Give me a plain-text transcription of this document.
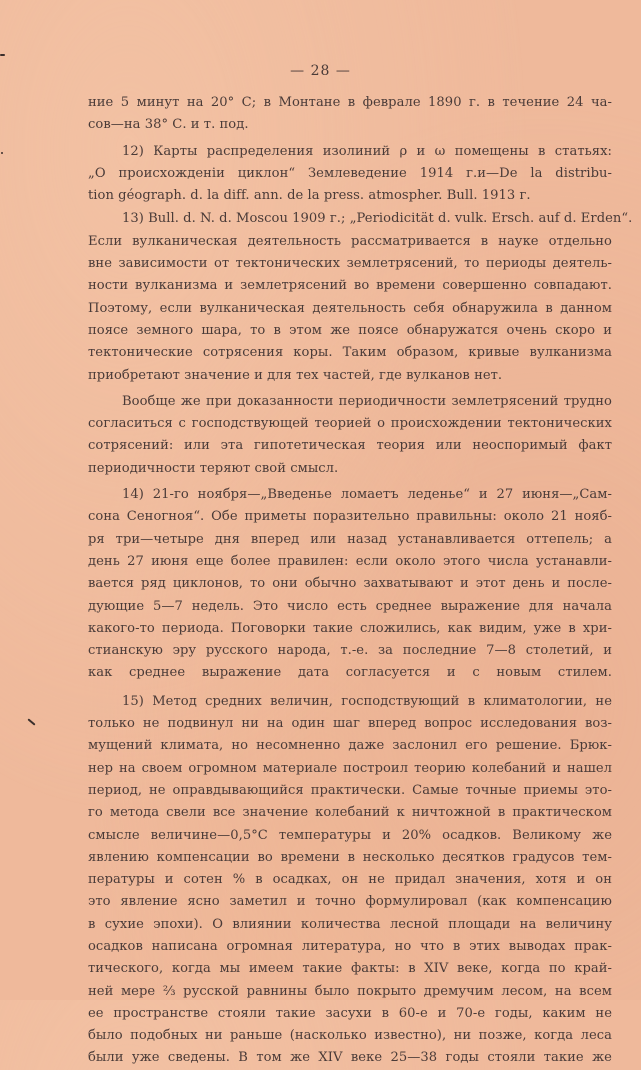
— 28 —
ние 5 минут на 20° С; в Монтане в феврале 1890 г. в течение 24 ча-
сов—на 38° С. и т. под.
12) Карты распределения изолиний ρ и ω помещены в статьях:
„О происхожденіи циклон“ Землеведение 1914 г.и—De la distribu-
tion géograph. d. la diff. ann. de la press. atmospher. Bull. 1913 г.
13) Bull. d. N. d. Moscou 1909 г.; „Periodicität d. vulk. Ersch. auf d. Erden“.
Если вулканическая деятельность рассматривается в науке отдельно
вне зависимости от тектонических землетрясений, то периоды деятель-
ности вулканизма и землетрясений во времени совершенно совпадают.
Поэтому, если вулканическая деятельность себя обнаружила в данном
поясе земного шара, то в этом же поясе обнаружатся очень скоро и
тектонические сотрясения коры. Таким образом, кривые вулканизма
приобретают значение и для тех частей, где вулканов нет.
Вообще же при доказанности периодичности землетрясений трудно
согласиться с господствующей теорией о происхождении тектонических
сотрясений: или эта гипотетическая теория или неоспоримый факт
периодичности теряют свой смысл.
14) 21-го ноября—„Введенье ломаетъ леденье“ и 27 июня—„Сам-
сона Сеногноя“. Обе приметы поразительно правильны: около 21 нояб-
ря три—четыре дня вперед или назад устанавливается оттепель; а
день 27 июня еще более правилен: если около этого числа устанавли-
вается ряд циклонов, то они обычно захватывают и этот день и после-
дующие 5—7 недель. Это число есть среднее выражение для начала
какого-то периода. Поговорки такие сложились, как видим, уже в хри-
стианскую эру русского народа, т.-е. за последние 7—8 столетий, и
как среднее выражение дата согласуется и с новым стилем.
15) Метод средних величин, господствующий в климатологии, не
только не подвинул ни на один шаг вперед вопрос исследования воз-
мущений климата, но несомненно даже заслонил его решение. Брюк-
нер на своем огромном материале построил теорию колебаний и нашел
период, не оправдывающийся практически. Самые точные приемы это-
го метода свели все значение колебаний к ничтожной в практическом
смысле величине—0,5°С температуры и 20% осадков. Великому же
явлению компенсации во времени в несколько десятков градусов тем-
пературы и сотен % в осадках, он не придал значения, хотя и он
это явление ясно заметил и точно формулировал (как компенсацию
в сухие эпохи). О влиянии количества лесной площади на величину
осадков написана огромная литература, но что в этих выводах прак-
тического, когда мы имеем такие факты: в XIV веке, когда по край-
ней мере ⅔ русской равнины было покрыто дремучим лесом, на всем
ее пространстве стояли такие засухи в 60-е и 70-е годы, каким не
было подобных ни раньше (насколько известно), ни позже, когда леса
были уже сведены. В том же XIV веке 25—38 годы стояли такие же
